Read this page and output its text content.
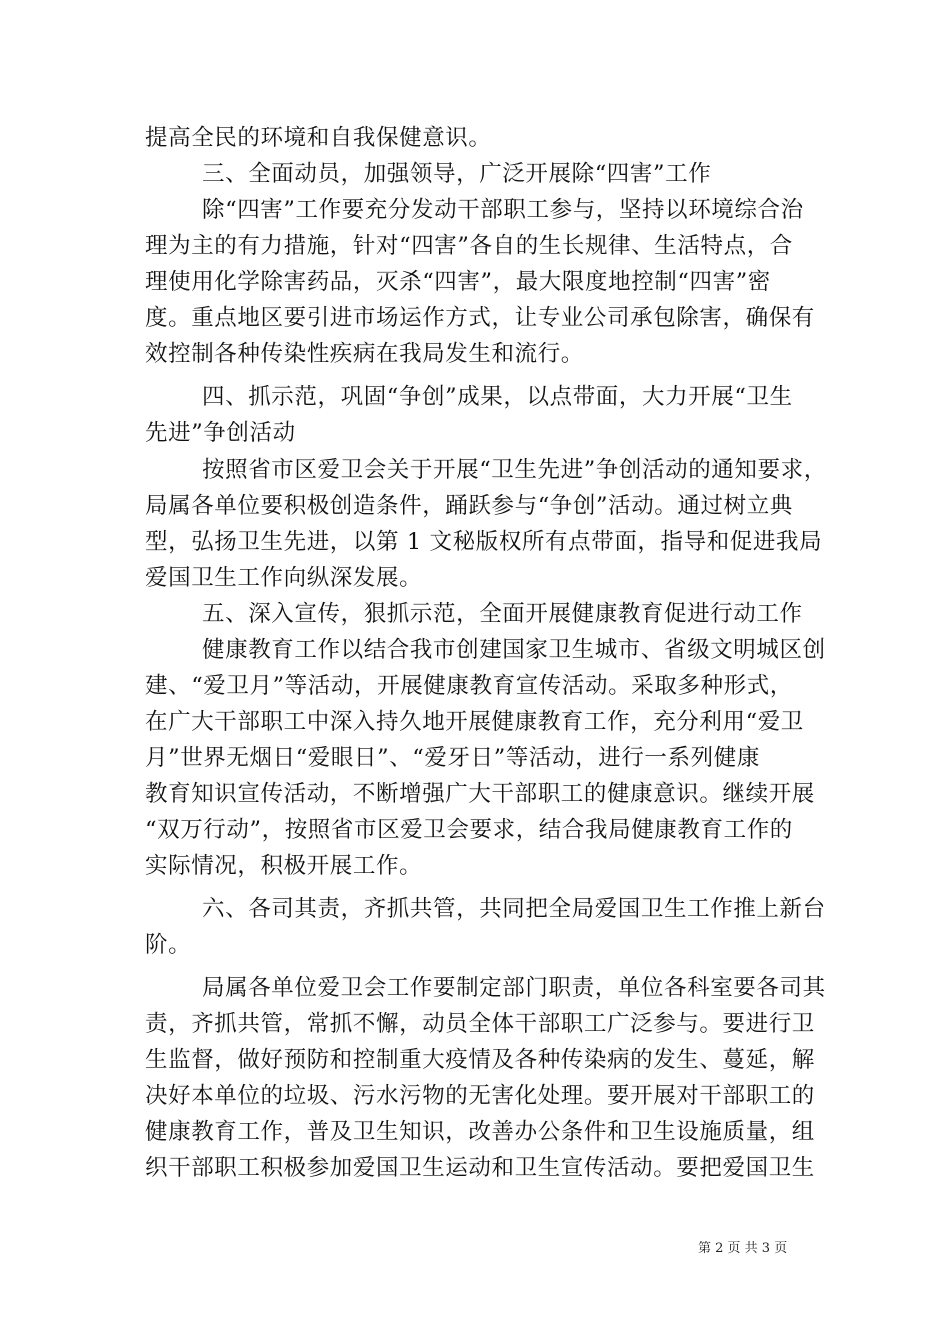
提高全民的环境和自我保健意识。
三、全面动员，加强领导，广泛开展除“四害”工作
除“四害”工作要充分发动干部职工参与，坚持以环境综合治
理为主的有力措施，针对“四害”各自的生长规律、生活特点，合
理使用化学除害药品，灭杀“四害”，最大限度地控制“四害”密
度。重点地区要引进市场运作方式，让专业公司承包除害，确保有
效控制各种传染性疾病在我局发生和流行。
四、抓示范，巩固“争创”成果，以点带面，大力开展“卫生
先进”争创活动
按照省市区爱卫会关于开展“卫生先进”争创活动的通知要求，
局属各单位要积极创造条件，踊跃参与“争创”活动。通过树立典
型，弘扬卫生先进，以第 1 文秘版权所有点带面，指导和促进我局
爱国卫生工作向纵深发展。
五、深入宣传，狠抓示范，全面开展健康教育促进行动工作
健康教育工作以结合我市创建国家卫生城市、省级文明城区创
建、“爱卫月”等活动，开展健康教育宣传活动。采取多种形式，
在广大干部职工中深入持久地开展健康教育工作，充分利用“爱卫
月”世界无烟日“爱眼日”、“爱牙日”等活动，进行一系列健康
教育知识宣传活动，不断增强广大干部职工的健康意识。继续开展
“双万行动”，按照省市区爱卫会要求，结合我局健康教育工作的
实际情况，积极开展工作。
六、各司其责，齐抓共管，共同把全局爱国卫生工作推上新台
阶。
局属各单位爱卫会工作要制定部门职责，单位各科室要各司其
责，齐抓共管，常抓不懈，动员全体干部职工广泛参与。要进行卫
生监督，做好预防和控制重大疫情及各种传染病的发生、蔓延，解
决好本单位的垃圾、污水污物的无害化处理。要开展对干部职工的
健康教育工作，普及卫生知识，改善办公条件和卫生设施质量，组
织干部职工积极参加爱国卫生运动和卫生宣传活动。要把爱国卫生
第 2 页 共 3 页
